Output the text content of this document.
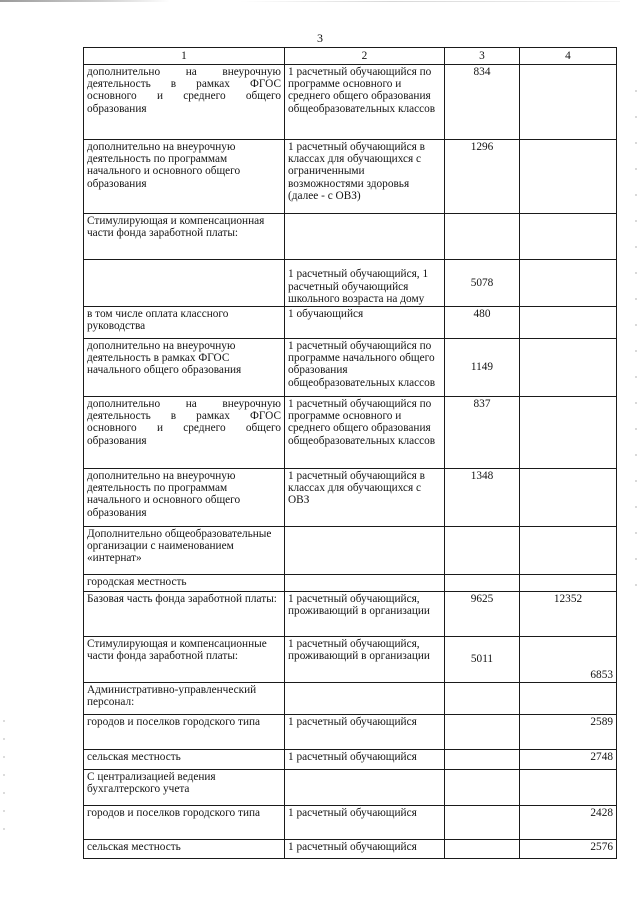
3
1	2	3	4
дополнительно на внеурочную деятельность в рамках ФГОС основного и среднего общего образования	1 расчетный обучающийся по программе основного и среднего общего образования общеобразовательных классов	834	
дополнительно на внеурочную деятельность по программам начального и основного общего образования	1 расчетный обучающийся в классах для обучающихся с ограниченными возможностями здоровья (далее - с ОВЗ)	1296	
Стимулирующая и компенсационная части фонда заработной платы:			
	1 расчетный обучающийся, 1 расчетный обучающийся школьного возраста на дому	5078	
в том числе оплата классного руководства	1 обучающийся	480	
дополнительно на внеурочную деятельность в рамках ФГОС начального общего образования	1 расчетный обучающийся по программе начального общего образования общеобразовательных классов	1149	
дополнительно на внеурочную деятельность в рамках ФГОС основного и среднего общего образования	1 расчетный обучающийся по программе основного и среднего общего образования общеобразовательных классов	837	
дополнительно на внеурочную деятельность по программам начального и основного общего образования	1 расчетный обучающийся в классах для обучающихся с ОВЗ	1348	
Дополнительно общеобразовательные организации с наименованием «интернат»			
городская местность			
Базовая часть фонда заработной платы:	1 расчетный обучающийся, проживающий в организации	9625	12352
Стимулирующая и компенсационные части фонда заработной платы:	1 расчетный обучающийся, проживающий в организации	5011	6853
Административно-управленческий персонал:			
городов и поселков городского типа	1 расчетный обучающийся		2589
сельская местность	1 расчетный обучающийся		2748
С централизацией ведения бухгалтерского учета			
городов и поселков городского типа	1 расчетный обучающийся		2428
сельская местность	1 расчетный обучающийся		2576
